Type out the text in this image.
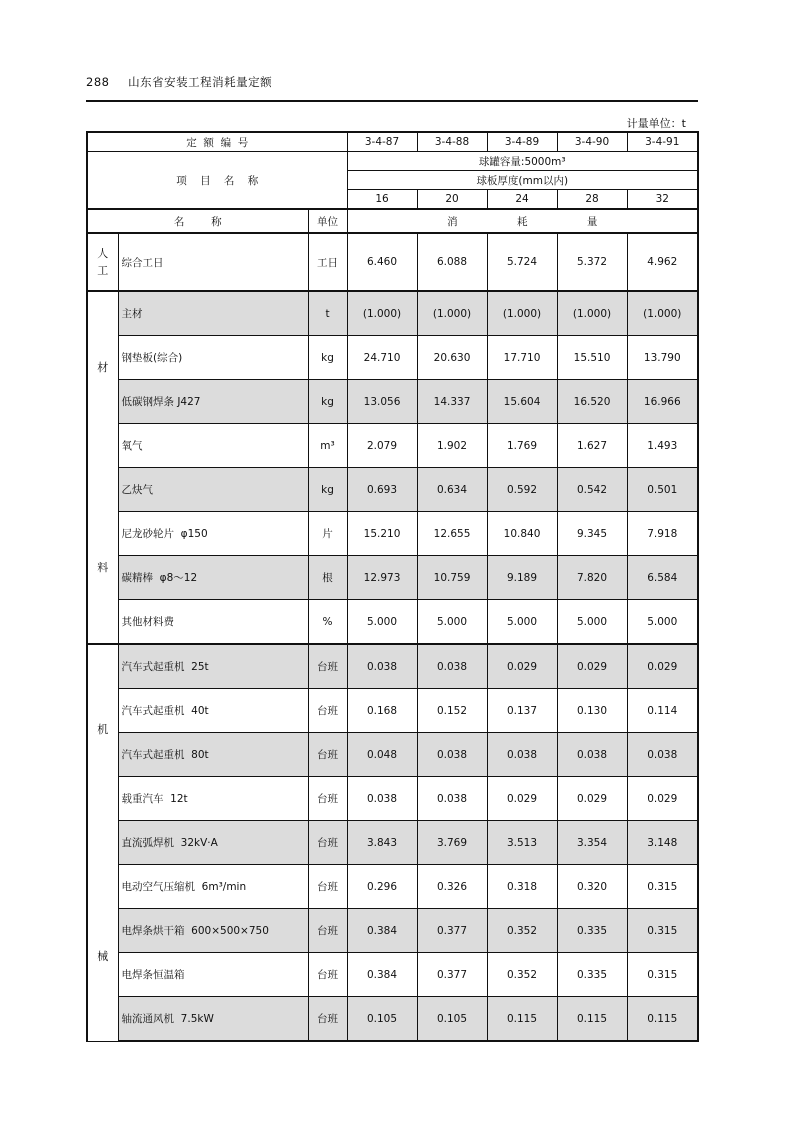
288 山东省安装工程消耗量定额
计量单位：t
定  额  编  号			3-4-87	3-4-88	3-4-89	3-4-90	3-4-91
项    目    名    称			球罐容量:5000m³				
			球板厚度(mm以内)				
			16	20	24	28	32
名        称		单位	消 耗 量				

人
工	综合工日	工日	6.460	6.088	5.724	5.372	4.962

材
料	主材	t	(1.000)	(1.000)	(1.000)	(1.000)	(1.000)
	钢垫板(综合)	kg	24.710	20.630	17.710	15.510	13.790
	低碳钢焊条 J427	kg	13.056	14.337	15.604	16.520	16.966
	氧气	m³	2.079	1.902	1.769	1.627	1.493
	乙炔气	kg	0.693	0.634	0.592	0.542	0.501
	尼龙砂轮片  φ150	片	15.210	12.655	10.840	9.345	7.918
	碳精棒  φ8～12	根	12.973	10.759	9.189	7.820	6.584
	其他材料费	%	5.000	5.000	5.000	5.000	5.000

机
械	汽车式起重机  25t	台班	0.038	0.038	0.029	0.029	0.029
	汽车式起重机  40t	台班	0.168	0.152	0.137	0.130	0.114
	汽车式起重机  80t	台班	0.048	0.038	0.038	0.038	0.038
	载重汽车  12t	台班	0.038	0.038	0.029	0.029	0.029
	直流弧焊机  32kV·A	台班	3.843	3.769	3.513	3.354	3.148
	电动空气压缩机  6m³/min	台班	0.296	0.326	0.318	0.320	0.315
	电焊条烘干箱  600×500×750	台班	0.384	0.377	0.352	0.335	0.315
	电焊条恒温箱	台班	0.384	0.377	0.352	0.335	0.315
	轴流通风机  7.5kW	台班	0.105	0.105	0.115	0.115	0.115
